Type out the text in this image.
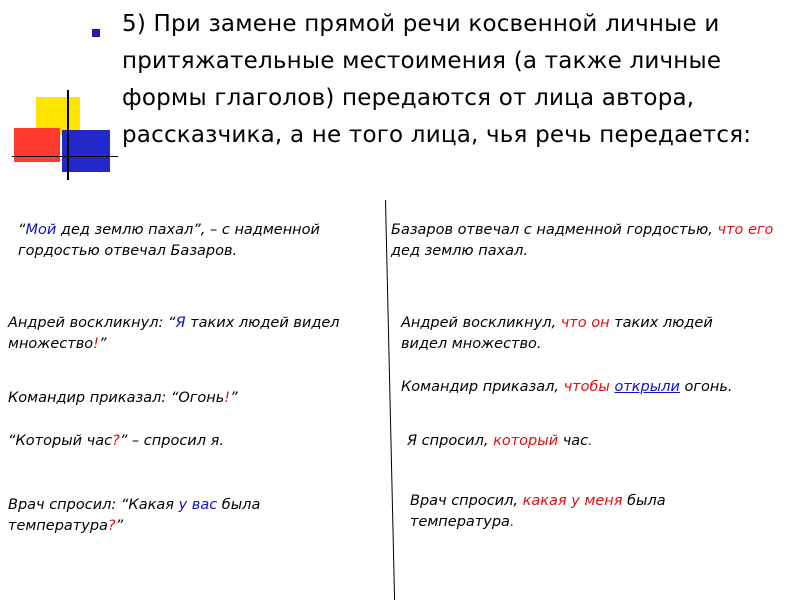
5) При замене прямой речи косвенной личные и притяжательные местоимения (а также личные формы глаголов) передаются от лица автора, рассказчика, а не того лица, чья речь передается:
“Мой дед землю пахал”, – с надменной гордостью отвечал Базаров.
Андрей воскликнул: “Я таких людей видел множество!”
Командир приказал: “Огонь!”
“Который час?” – спросил я.
Врач спросил: “Какая у вас была температура?”
Базаров отвечал с надменной гордостью, что его дед землю пахал.
Андрей воскликнул, что он таких людей видел множество.
Командир приказал, чтобы открыли огонь.
Я спросил, который час.
Врач спросил, какая у меня была температура.
